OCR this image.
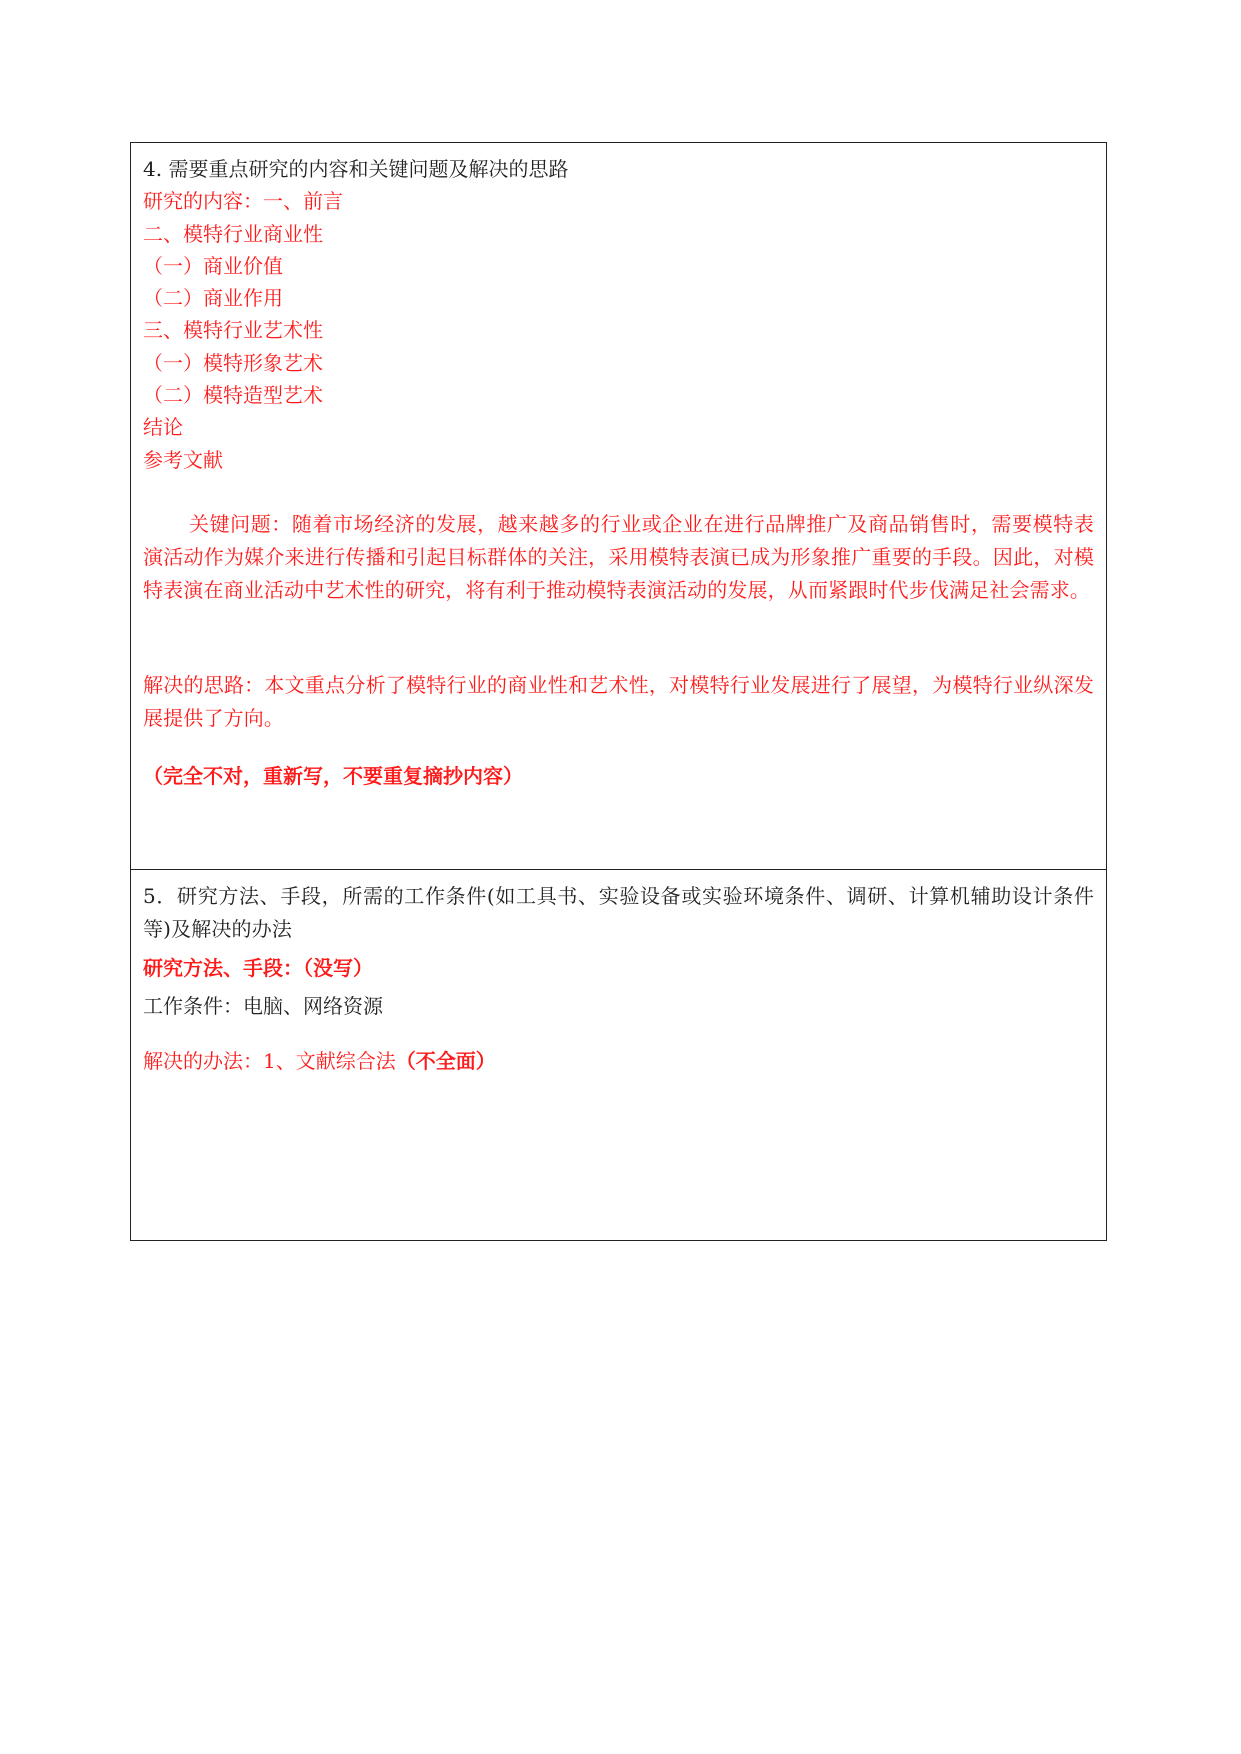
4. 需要重点研究的内容和关键问题及解决的思路
研究的内容：一、前言
二、模特行业商业性
（一）商业价值
（二）商业作用
三、模特行业艺术性
（一）模特形象艺术
（二）模特造型艺术
结论
参考文献
关键问题：随着市场经济的发展，越来越多的行业或企业在进行品牌推广及商品销售时，需要模特表演活动作为媒介来进行传播和引起目标群体的关注，采用模特表演已成为形象推广重要的手段。因此，对模特表演在商业活动中艺术性的研究，将有利于推动模特表演活动的发展，从而紧跟时代步伐满足社会需求。
解决的思路：本文重点分析了模特行业的商业性和艺术性，对模特行业发展进行了展望，为模特行业纵深发展提供了方向。
（完全不对，重新写，不要重复摘抄内容）
5．研究方法、手段，所需的工作条件(如工具书、实验设备或实验环境条件、调研、计算机辅助设计条件等)及解决的办法
研究方法、手段：（没写）
工作条件：电脑、网络资源
解决的办法：1、文献综合法（不全面）
